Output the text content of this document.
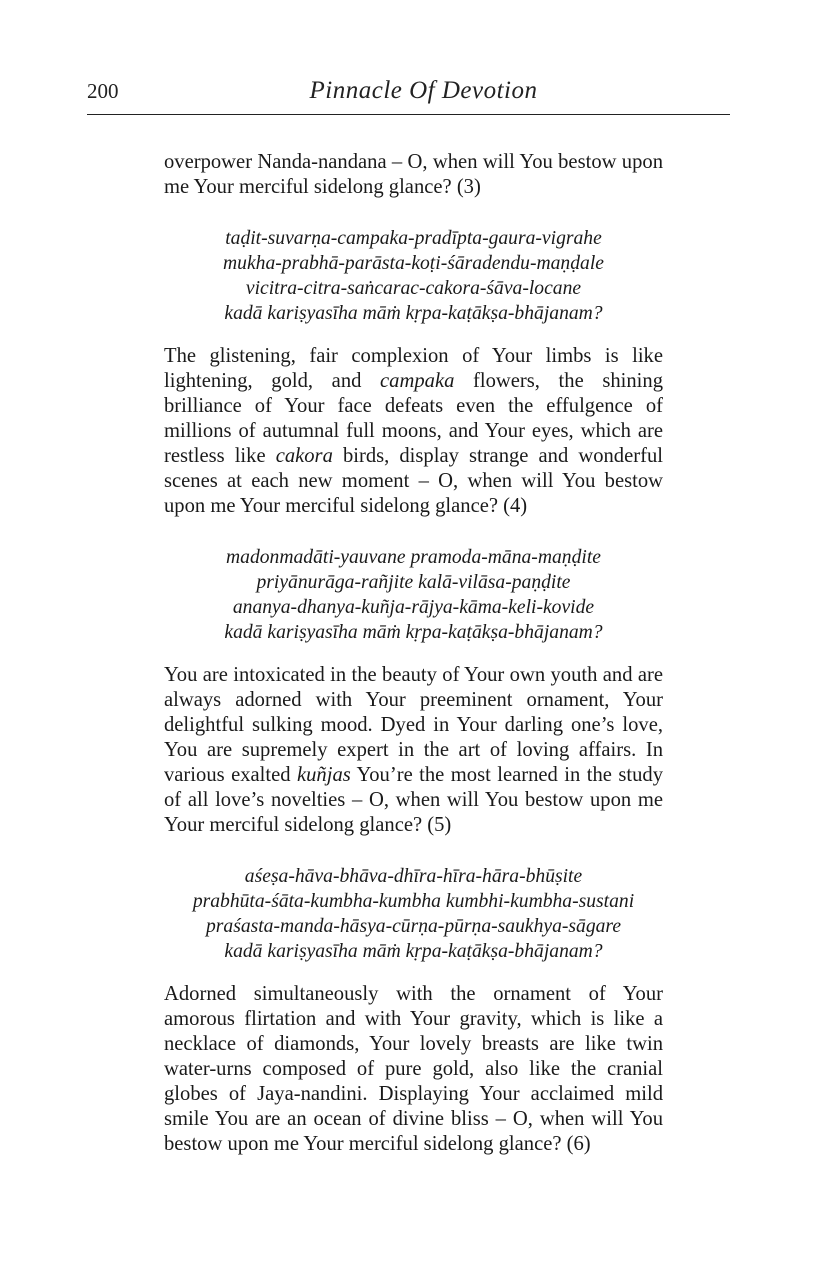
200	Pinnacle Of Devotion

overpower Nanda-nandana – O, when will You bestow upon me Your merciful sidelong glance? (3)

taḍit-suvarṇa-campaka-pradīpta-gaura-vigrahe
mukha-prabhā-parāsta-koṭi-śāradendu-maṇḍale
vicitra-citra-saṅcarac-cakora-śāva-locane
kadā kariṣyasīha māṁ kṛpa-kaṭākṣa-bhājanam?

The glistening, fair complexion of Your limbs is like lightening, gold, and campaka flowers, the shining brilliance of Your face defeats even the effulgence of millions of autumnal full moons, and Your eyes, which are restless like cakora birds, display strange and wonderful scenes at each new moment – O, when will You bestow upon me Your merciful sidelong glance? (4)

madonmadāti-yauvane pramoda-māna-maṇḍite
priyānurāga-rañjite kalā-vilāsa-paṇḍite
ananya-dhanya-kuñja-rājya-kāma-keli-kovide
kadā kariṣyasīha māṁ kṛpa-kaṭākṣa-bhājanam?

You are intoxicated in the beauty of Your own youth and are always adorned with Your preeminent ornament, Your delightful sulking mood. Dyed in Your darling one’s love, You are supremely expert in the art of loving affairs. In various exalted kuñjas You’re the most learned in the study of all love’s novelties – O, when will You bestow upon me Your merciful sidelong glance? (5)

aśeṣa-hāva-bhāva-dhīra-hīra-hāra-bhūṣite
prabhūta-śāta-kumbha-kumbha kumbhi-kumbha-sustani
praśasta-manda-hāsya-cūrṇa-pūrṇa-saukhya-sāgare
kadā kariṣyasīha māṁ kṛpa-kaṭākṣa-bhājanam?

Adorned simultaneously with the ornament of Your amorous flirtation and with Your gravity, which is like a necklace of diamonds, Your lovely breasts are like twin water-urns composed of pure gold, also like the cranial globes of Jaya-nandini. Displaying Your acclaimed mild smile You are an ocean of divine bliss – O, when will You bestow upon me Your merciful sidelong glance? (6)
